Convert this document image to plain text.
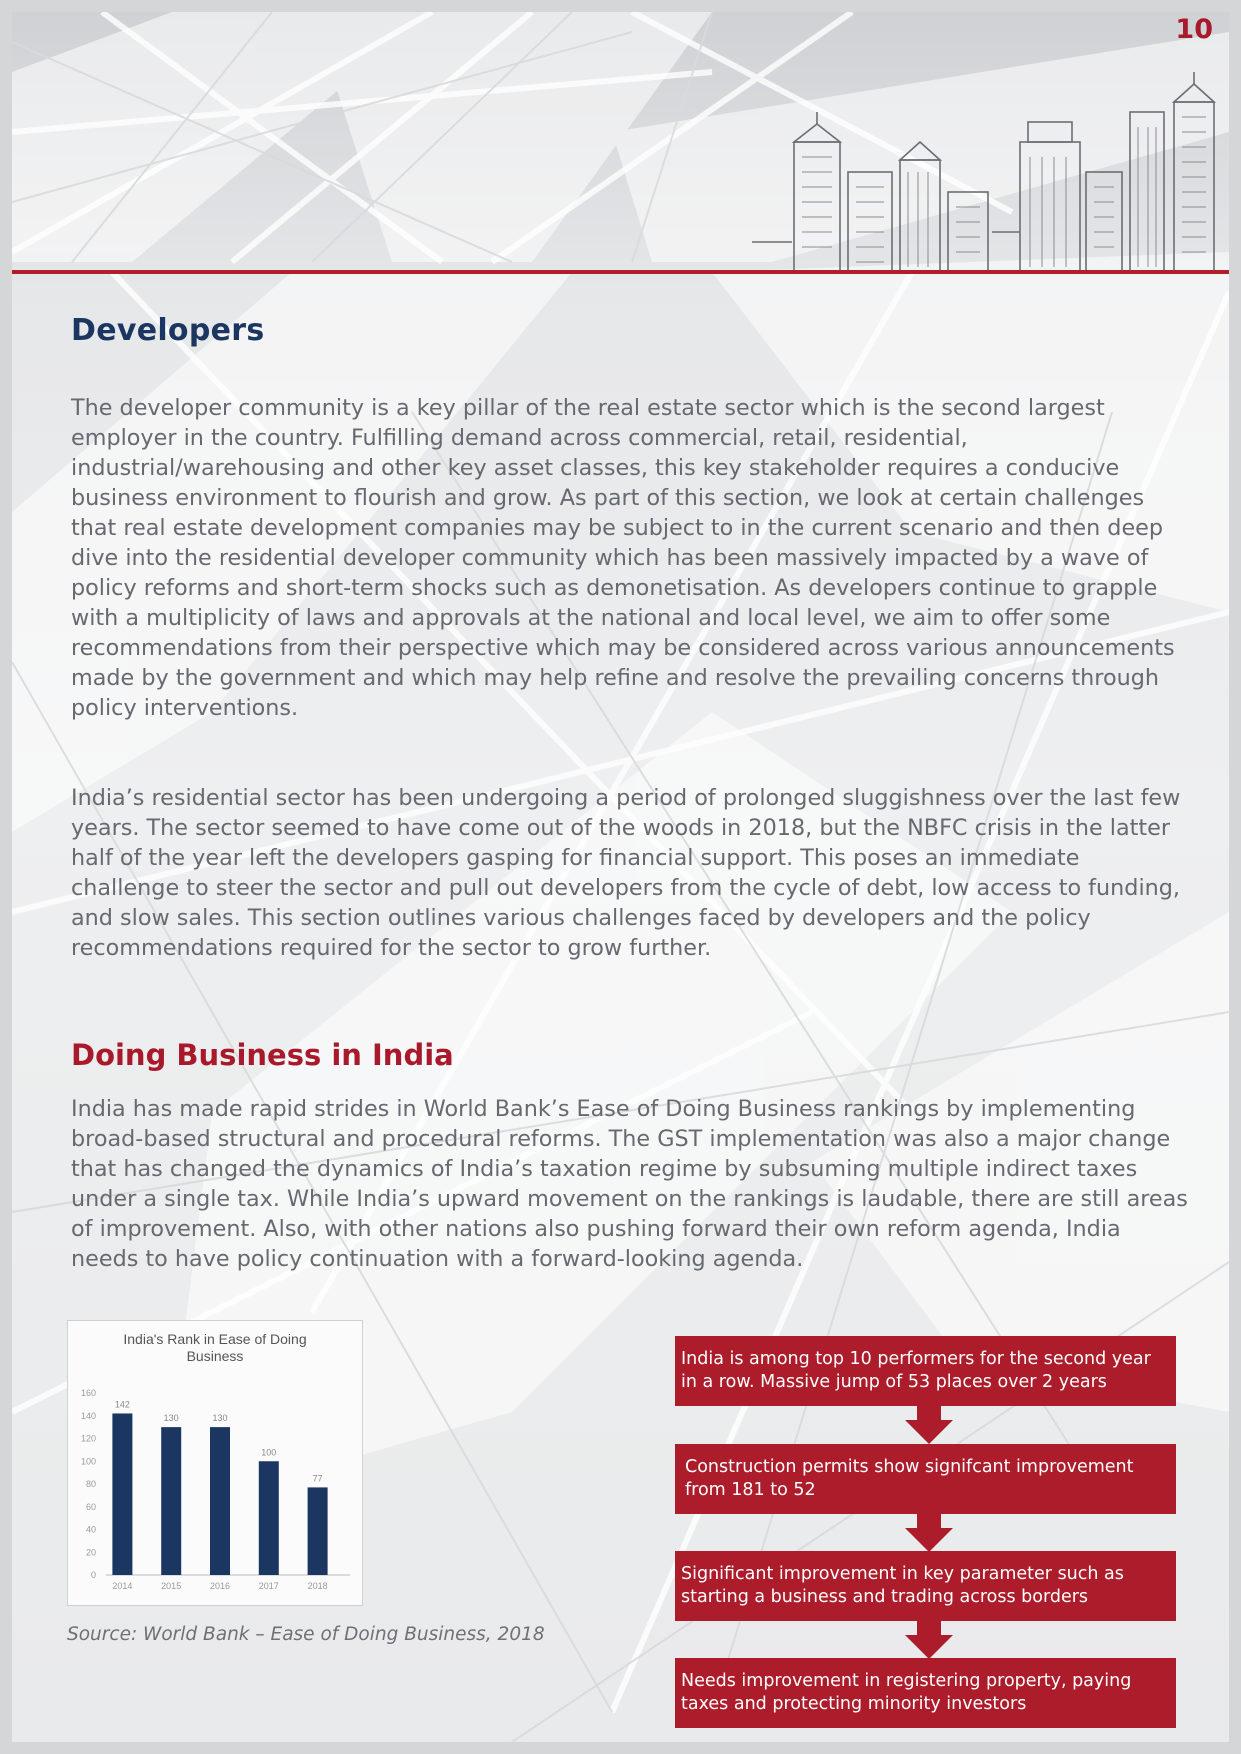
10
Developers

The developer community is a key pillar of the real estate sector which is the second largest employer in the country. Fulfilling demand across commercial, retail, residential, industrial/warehousing and other key asset classes, this key stakeholder requires a conducive business environment to flourish and grow. As part of this section, we look at certain challenges that real estate development companies may be subject to in the current scenario and then deep dive into the residential developer community which has been massively impacted by a wave of policy reforms and short-term shocks such as demonetisation. As developers continue to grapple with a multiplicity of laws and approvals at the national and local level, we aim to offer some recommendations from their perspective which may be considered across various announcements made by the government and which may help refine and resolve the prevailing concerns through policy interventions.

India’s residential sector has been undergoing a period of prolonged sluggishness over the last few years. The sector seemed to have come out of the woods in 2018, but the NBFC crisis in the latter half of the year left the developers gasping for financial support. This poses an immediate challenge to steer the sector and pull out developers from the cycle of debt, low access to funding, and slow sales. This section outlines various challenges faced by developers and the policy recommendations required for the sector to grow further.

Doing Business in India

India has made rapid strides in World Bank’s Ease of Doing Business rankings by implementing broad-based structural and procedural reforms. The GST implementation was also a major change that has changed the dynamics of India’s taxation regime by subsuming multiple indirect taxes under a single tax. While India’s upward movement on the rankings is laudable, there are still areas of improvement. Also, with other nations also pushing forward their own reform agenda, India needs to have policy continuation with a forward-looking agenda.

India's Rank in Ease of Doing
Business
0
20
40
60
80
100
120
140
160
142
2014
130
2015
130
2016
100
2017
77
2018

Source: World Bank – Ease of Doing Business, 2018

India is among top 10 performers for the second year in a row. Massive jump of 53 places over 2 years
Construction permits show signifcant improvement from 181 to 52
Significant improvement in key parameter such as starting a business and trading across borders
Needs improvement in registering property, paying taxes and protecting minority investors
